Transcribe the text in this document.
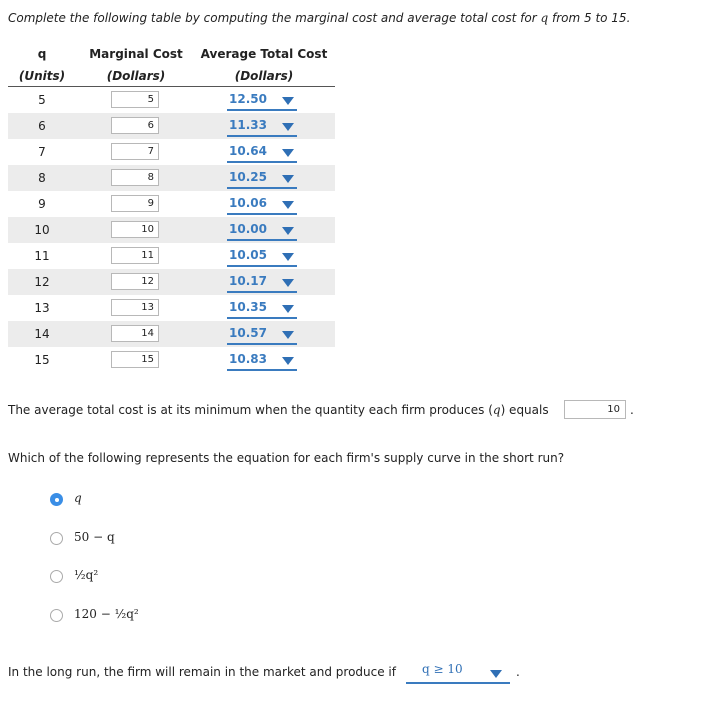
Complete the following table by computing the marginal cost and average total cost for q from 5 to 15.
q	Marginal Cost	Average Total Cost
(Units)	(Dollars)	(Dollars)
5	5	12.50
6	6	11.33
7	7	10.64
8	8	10.25
9	9	10.06
10	10	10.00
11	11	10.05
12	12	10.17
13	13	10.35
14	14	10.57
15	15	10.83
The average total cost is at its minimum when the quantity each firm produces (q) equals	10 .
Which of the following represents the equation for each firm's supply curve in the short run?
q
50 − q
½q²
120 − ½q²
In the long run, the firm will remain in the market and produce if q ≥ 10	.
